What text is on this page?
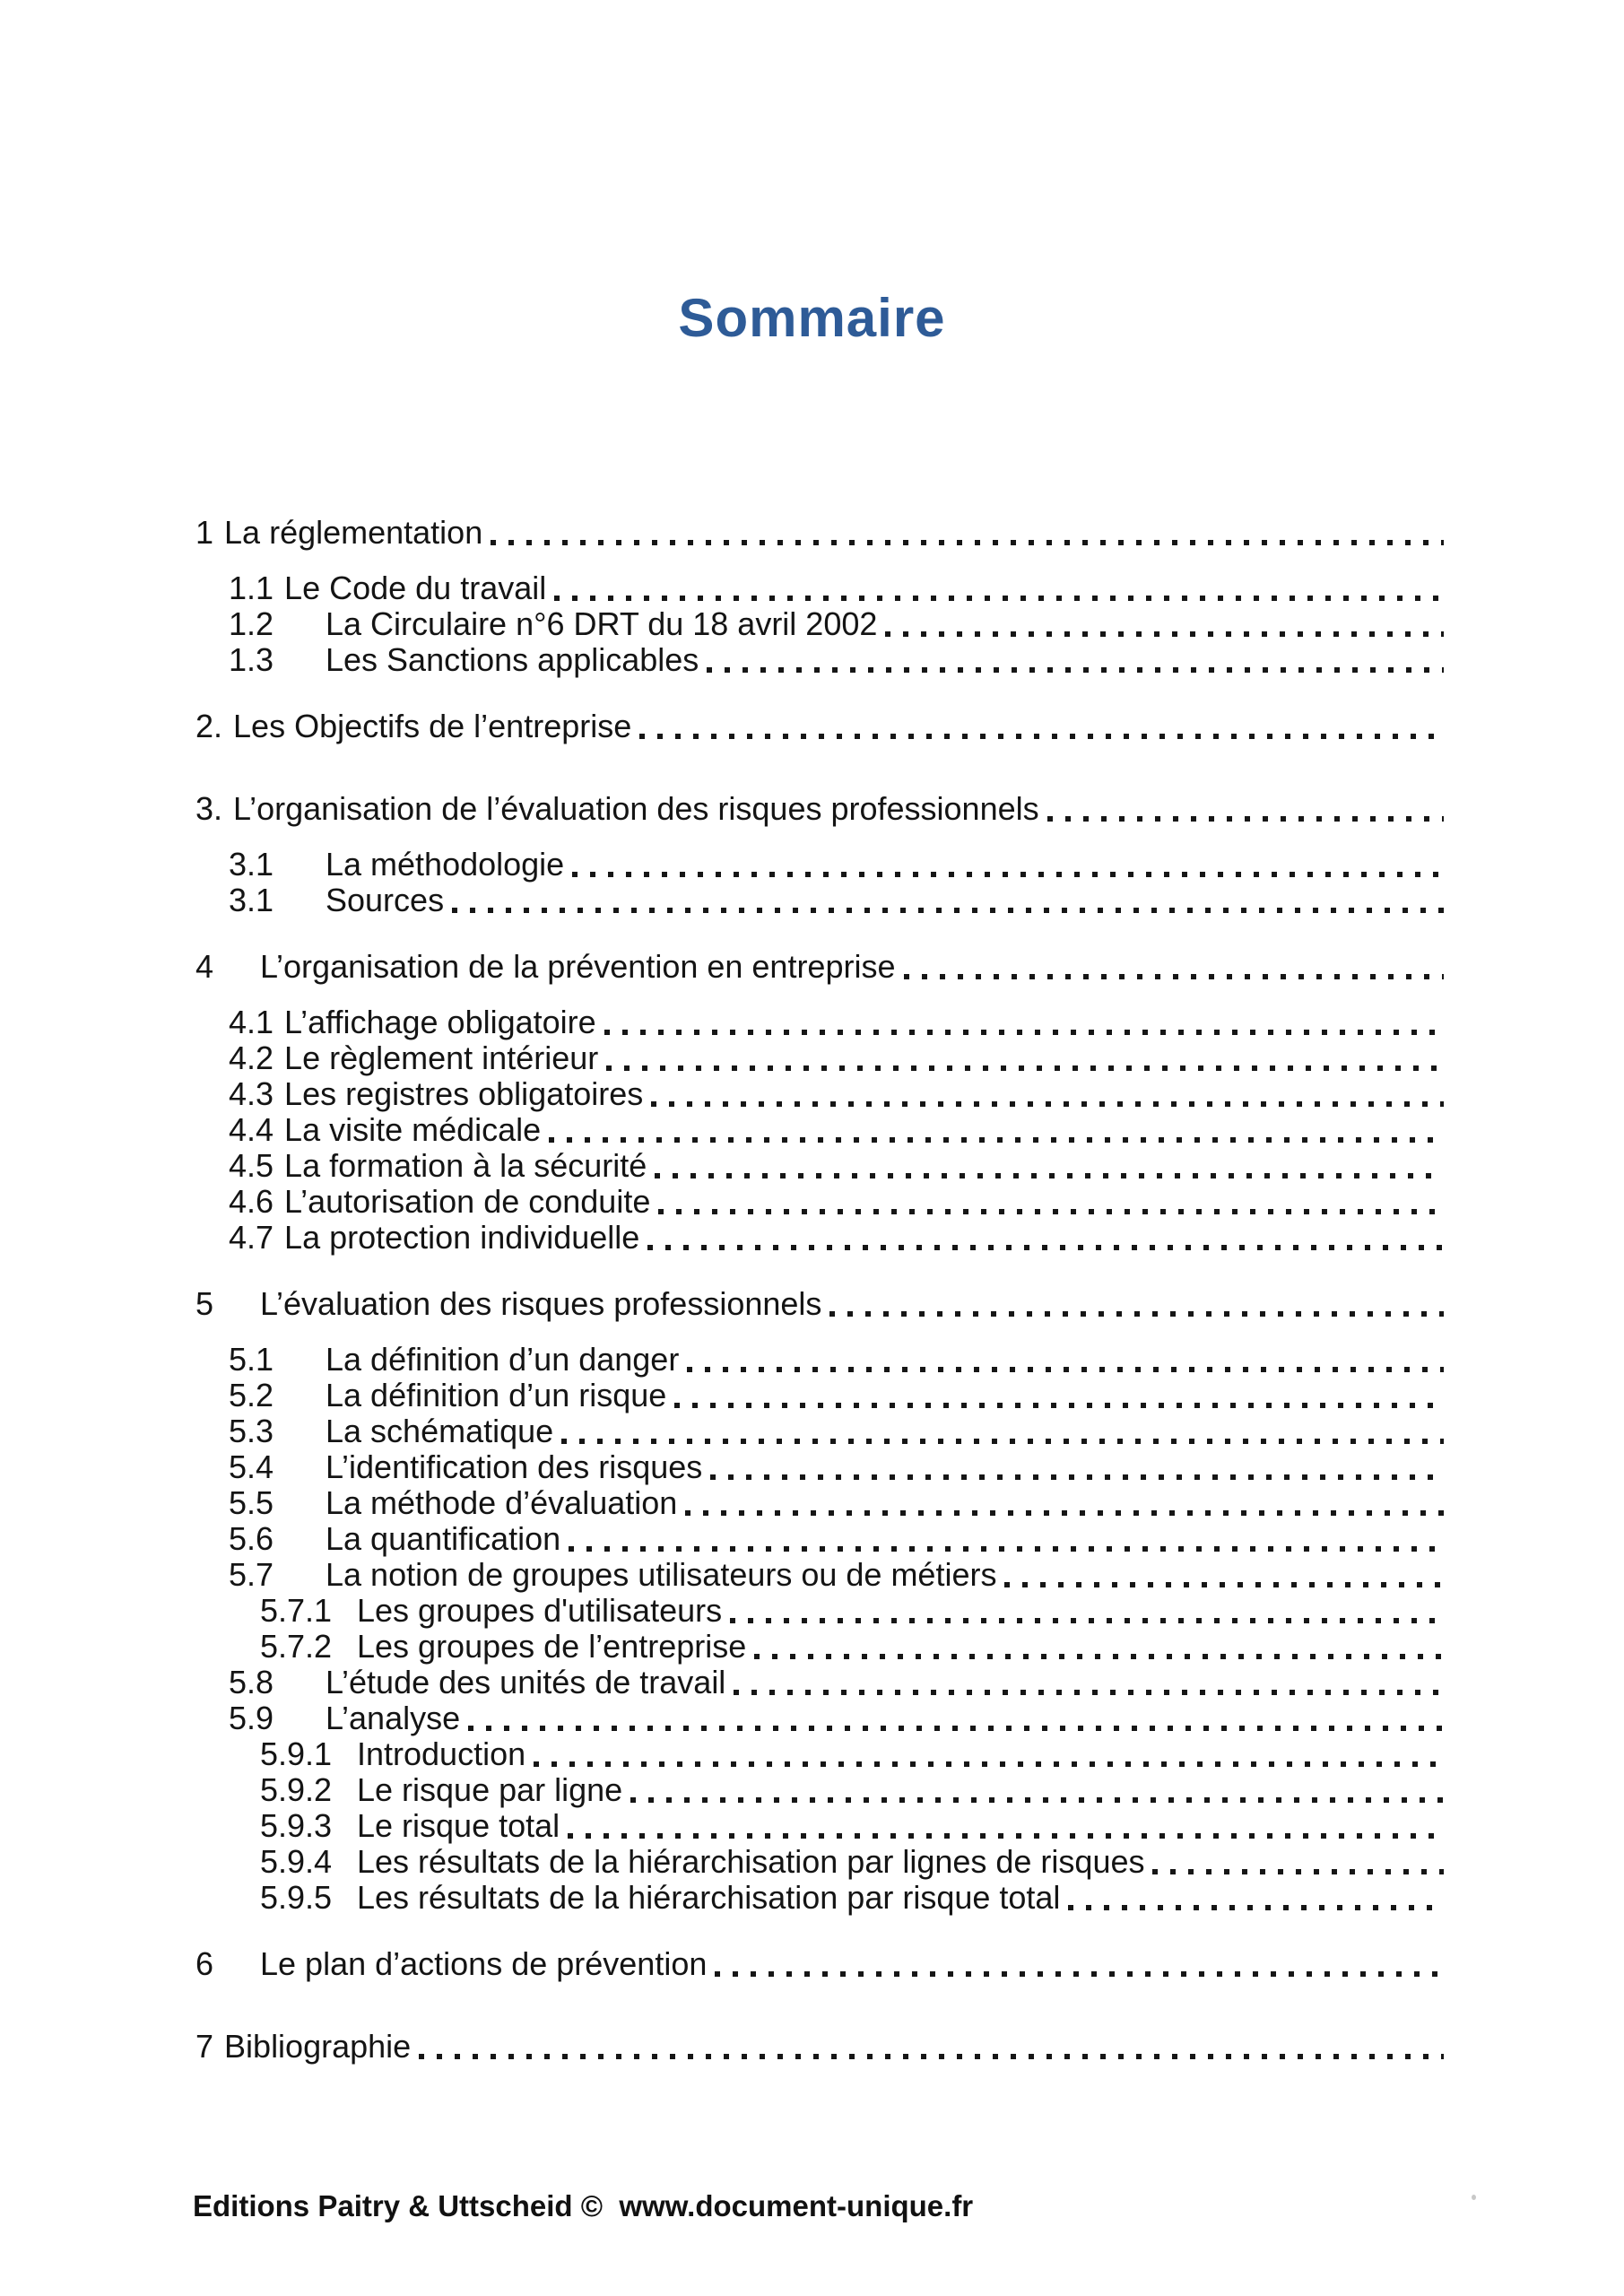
Sommaire
1 La réglementation
1.1 Le Code du travail
1.2	La Circulaire n°6 DRT du 18 avril 2002
1.3	Les Sanctions applicables
2. Les Objectifs de l’entreprise
3. L’organisation de l’évaluation des risques professionnels
3.1	La méthodologie
3.1	Sources
4	L’organisation de la prévention en entreprise
4.1 L’affichage obligatoire
4.2 Le règlement intérieur
4.3 Les registres obligatoires
4.4 La visite médicale
4.5 La formation à la sécurité
4.6 L’autorisation de conduite
4.7 La protection individuelle
5	L’évaluation des risques professionnels
5.1	La définition d’un danger
5.2	La définition d’un risque
5.3	La schématique
5.4	L’identification des risques
5.5	La méthode d’évaluation
5.6	La quantification
5.7	La notion de groupes utilisateurs ou de métiers
5.7.1 Les groupes d'utilisateurs
5.7.2 Les groupes de l’entreprise
5.8	L’étude des unités de travail
5.9	L’analyse
5.9.1 Introduction
5.9.2 Le risque par ligne
5.9.3 Le risque total
5.9.4 Les résultats de la hiérarchisation par lignes de risques
5.9.5 Les résultats de la hiérarchisation par risque total
6	Le plan d’actions de prévention
7 Bibliographie
Editions Paitry & Uttscheid ©  www.document-unique.fr
